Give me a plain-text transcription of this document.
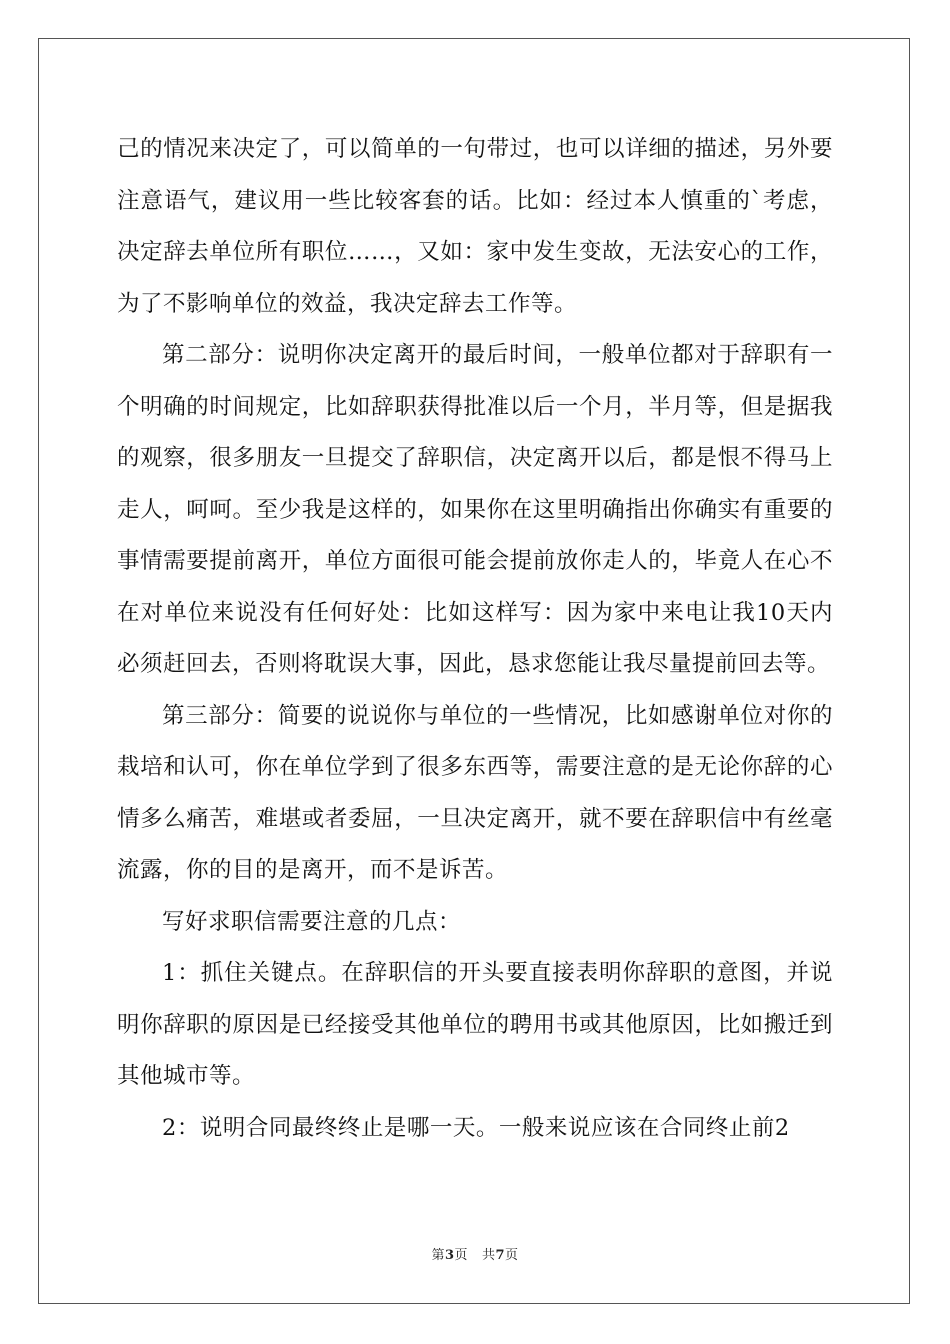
己的情况来决定了，可以简单的一句带过，也可以详细的描述，另外要注意语气，建议用一些比较客套的话。比如：经过本人慎重的`考虑，决定辞去单位所有职位……，又如：家中发生变故，无法安心的工作，为了不影响单位的效益，我决定辞去工作等。

第二部分：说明你决定离开的最后时间，一般单位都对于辞职有一个明确的时间规定，比如辞职获得批准以后一个月，半月等，但是据我的观察，很多朋友一旦提交了辞职信，决定离开以后，都是恨不得马上走人，呵呵。至少我是这样的，如果你在这里明确指出你确实有重要的事情需要提前离开，单位方面很可能会提前放你走人的，毕竟人在心不在对单位来说没有任何好处：比如这样写：因为家中来电让我10天内必须赶回去，否则将耽误大事，因此，恳求您能让我尽量提前回去等。

第三部分：简要的说说你与单位的一些情况，比如感谢单位对你的栽培和认可，你在单位学到了很多东西等，需要注意的是无论你辞的心情多么痛苦，难堪或者委屈，一旦决定离开，就不要在辞职信中有丝毫流露，你的目的是离开，而不是诉苦。

写好求职信需要注意的几点：

1：抓住关键点。在辞职信的开头要直接表明你辞职的意图，并说明你辞职的原因是已经接受其他单位的聘用书或其他原因，比如搬迁到其他城市等。

2：说明合同最终终止是哪一天。一般来说应该在合同终止前2

第3页 共7页
